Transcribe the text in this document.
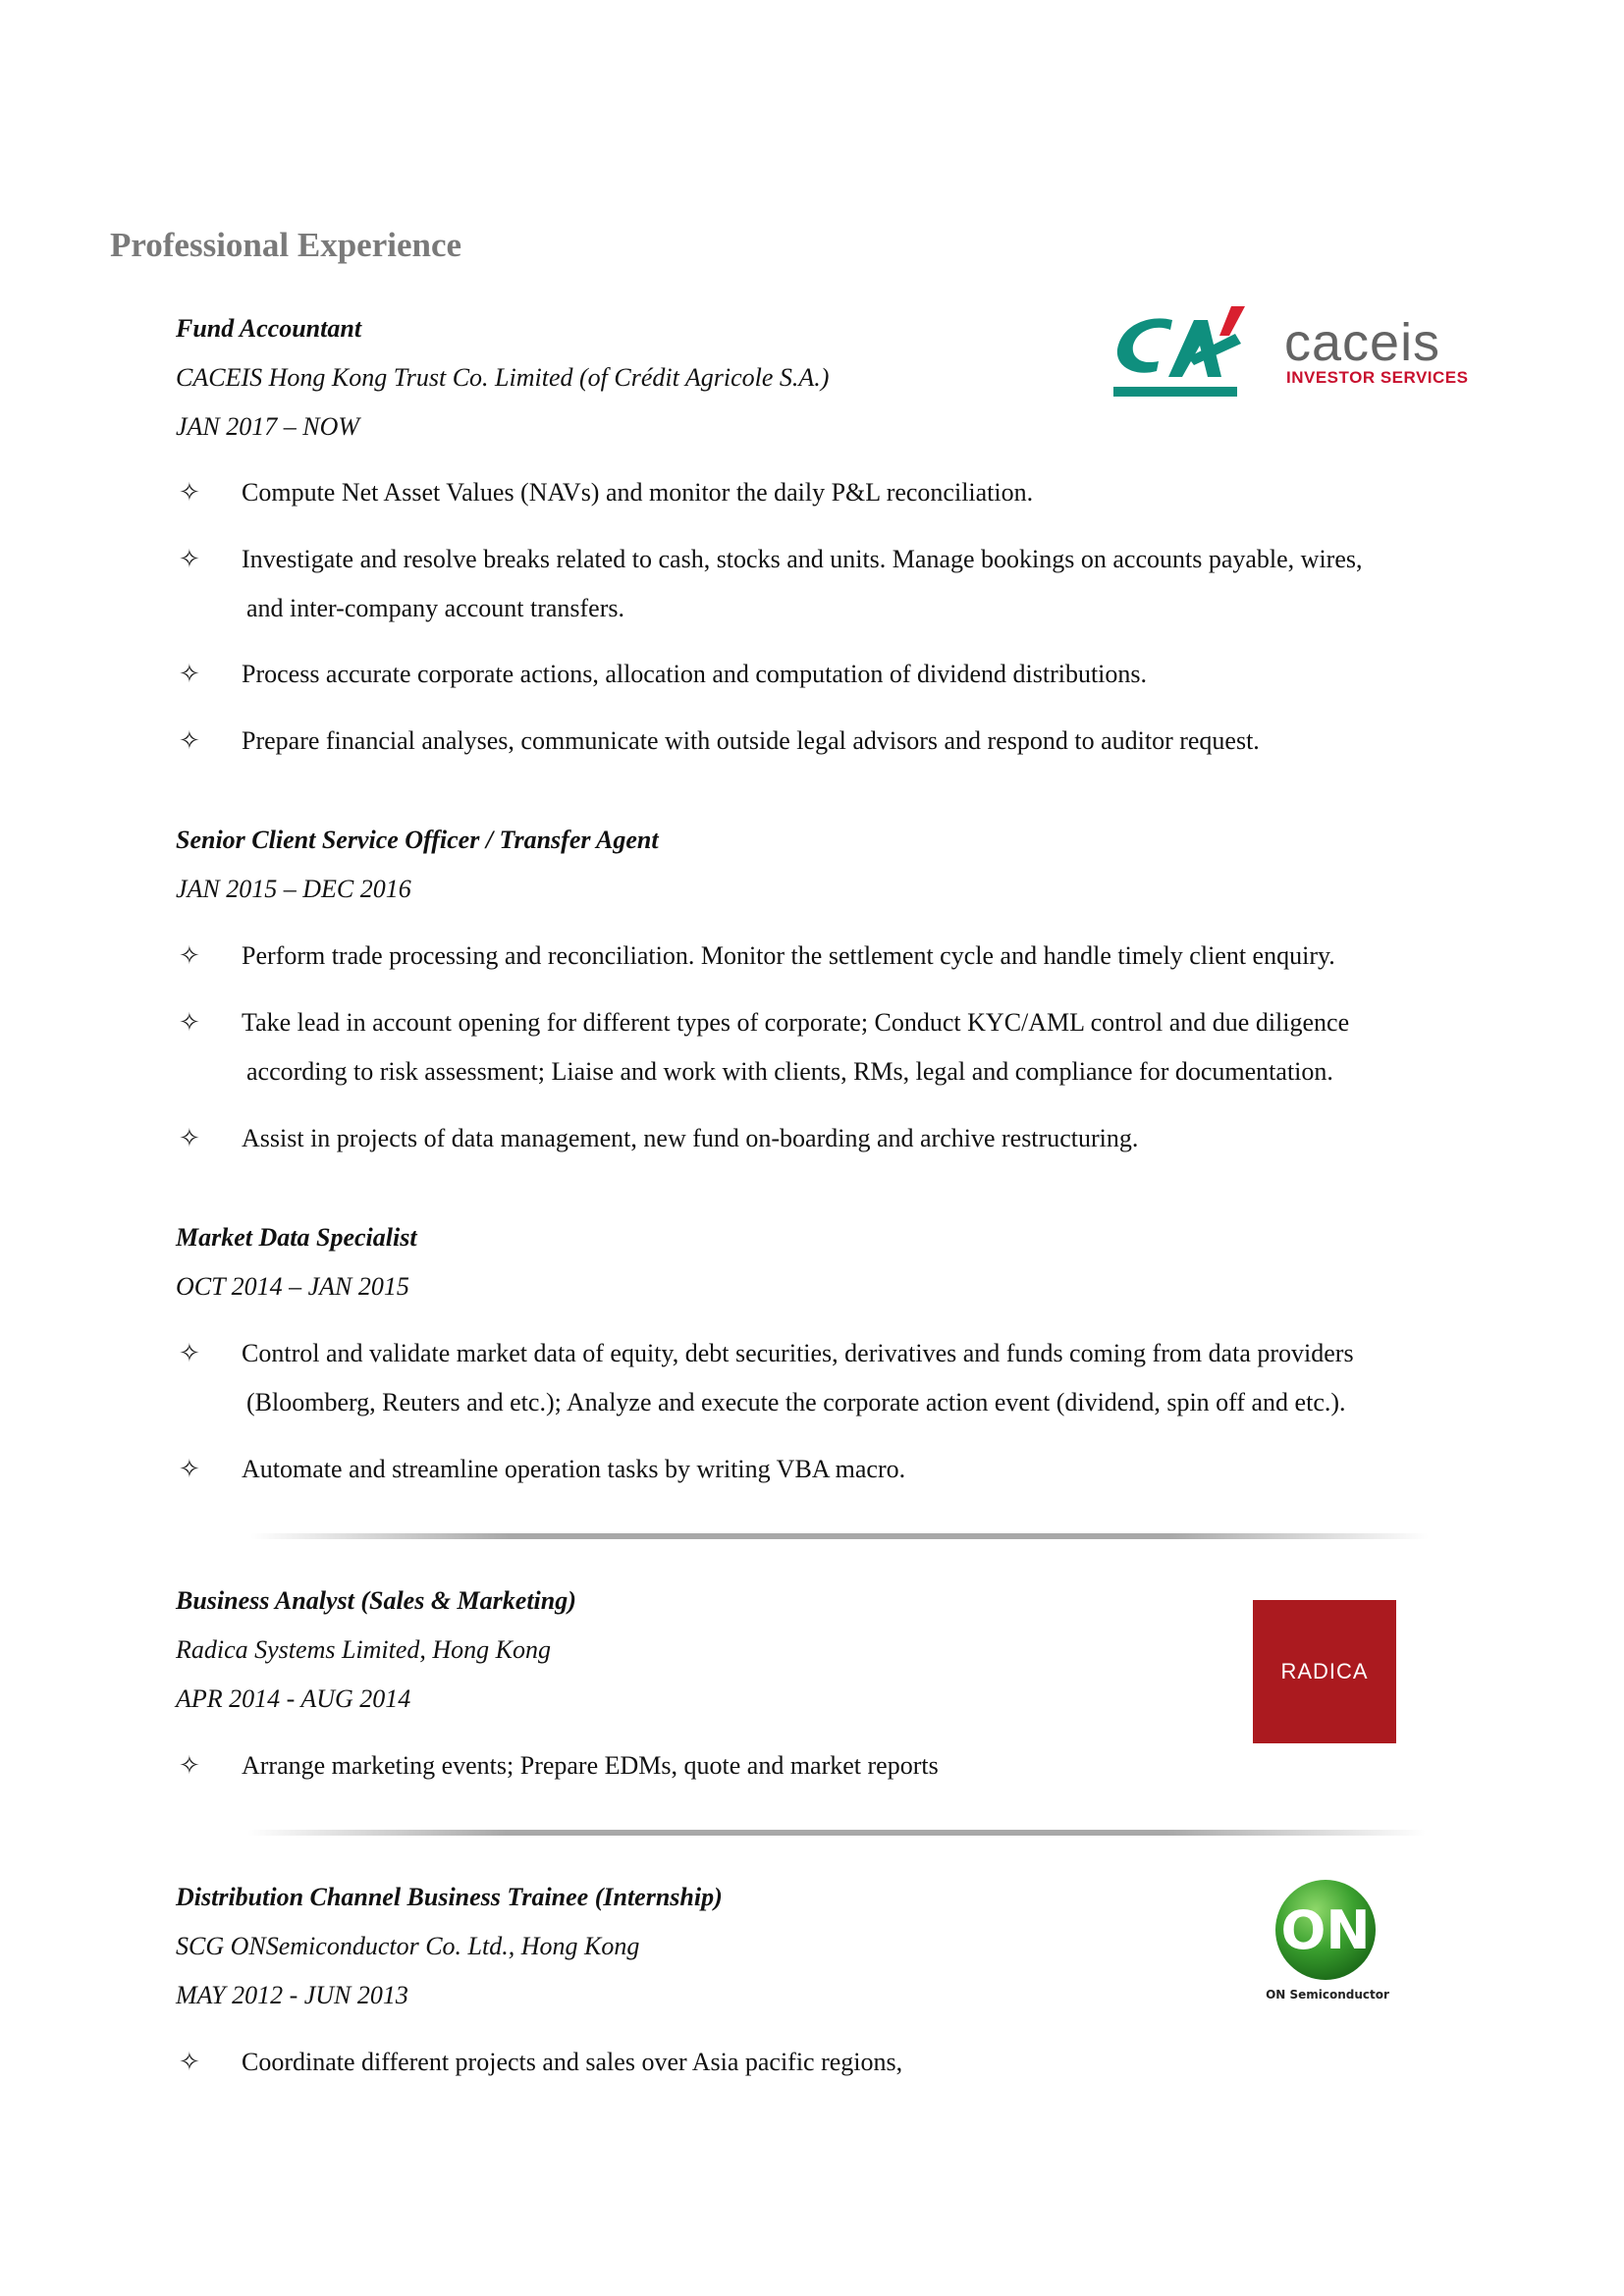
Professional Experience
Fund Accountant
CACEIS Hong Kong Trust Co. Limited (of Crédit Agricole S.A.)
JAN 2017 – NOW
✧ Compute Net Asset Values (NAVs) and monitor the daily P&L reconciliation.
✧ Investigate and resolve breaks related to cash, stocks and units. Manage bookings on accounts payable, wires,
and inter-company account transfers.
✧ Process accurate corporate actions, allocation and computation of dividend distributions.
✧ Prepare financial analyses, communicate with outside legal advisors and respond to auditor request.
Senior Client Service Officer / Transfer Agent
JAN 2015 – DEC 2016
✧ Perform trade processing and reconciliation. Monitor the settlement cycle and handle timely client enquiry.
✧ Take lead in account opening for different types of corporate; Conduct KYC/AML control and due diligence
according to risk assessment; Liaise and work with clients, RMs, legal and compliance for documentation.
✧ Assist in projects of data management, new fund on-boarding and archive restructuring.
Market Data Specialist
OCT 2014 – JAN 2015
✧ Control and validate market data of equity, debt securities, derivatives and funds coming from data providers
(Bloomberg, Reuters and etc.); Analyze and execute the corporate action event (dividend, spin off and etc.).
✧ Automate and streamline operation tasks by writing VBA macro.
Business Analyst (Sales & Marketing)
Radica Systems Limited, Hong Kong
APR 2014 - AUG 2014
✧ Arrange marketing events; Prepare EDMs, quote and market reports
Distribution Channel Business Trainee (Internship)
SCG ONSemiconductor Co. Ltd., Hong Kong
MAY 2012 - JUN 2013
✧ Coordinate different projects and sales over Asia pacific regions,
caceis
INVESTOR SERVICES
RADICA
ON
ON Semiconductor
